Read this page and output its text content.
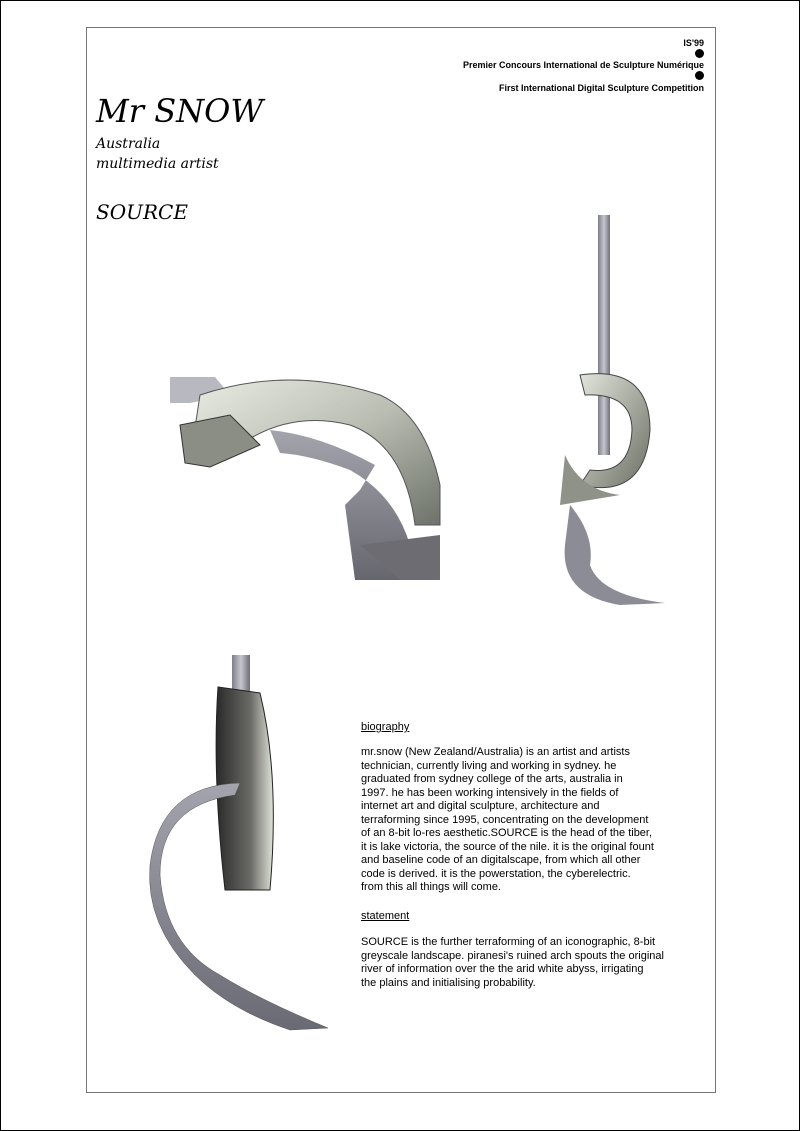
IS'99
Premier Concours International de Sculpture Numérique
First International Digital Sculpture Competition
Mr SNOW
Australia
multimedia artist
SOURCE
biography
mr.snow (New Zealand/Australia) is an artist and artists
technician, currently living and working in sydney. he
graduated from sydney college of the arts, australia in
1997. he has been working intensively in the fields of
internet art and digital sculpture, architecture and
terraforming since 1995, concentrating on the development
of an 8-bit lo-res aesthetic.SOURCE is the head of the tiber,
it is lake victoria, the source of the nile. it is the original fount
and baseline code of an digitalscape, from which all other
code is derived. it is the powerstation, the cyberelectric.
from this all things will come.
statement
SOURCE is the further terraforming of an iconographic, 8-bit
greyscale landscape. piranesi's ruined arch spouts the original
river of information over the the arid white abyss, irrigating
the plains and initialising probability.
